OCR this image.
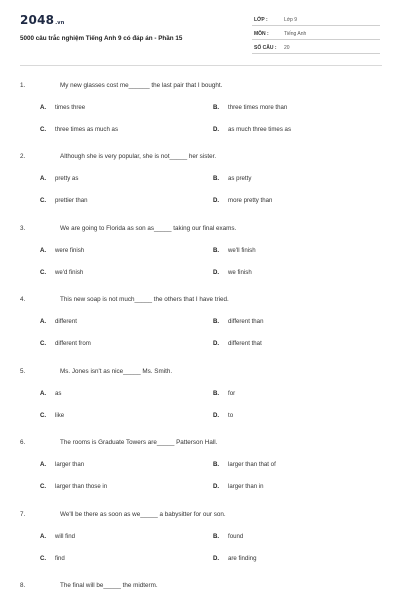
2048.vn
5000 câu trắc nghiệm Tiếng Anh 9 có đáp án - Phần 15
LỚP :	Lớp 9
MÔN :	Tiếng Anh
SỐ CÂU : 20
1.	My new glasses cost me______ the last pair that I bought.
A. times three	B. three times more than
C. three times as much as	D. as much three times as
2.	Although she is very popular, she is not_____ her sister.
A. pretty as	B. as pretty
C. prettier than	D. more pretty than
3.	We are going to Florida as son as_____ taking our final exams.
A. were finish	B. we'll finish
C. we'd finish	D. we finish
4.	This new soap is not much_____ the others that I have tried.
A. different	B. different than
C. different from	D. different that
5.	Ms. Jones isn't as nice_____ Ms. Smith.
A. as	B. for
C. like	D. to
6.	The rooms is Graduate Towers are_____ Patterson Hall.
A. larger than	B. larger than that of
C. larger than those in	D. larger than in
7.	We'll be there as soon as we_____ a babysitter for our son.
A. will find	B. found
C. find	D. are finding
8.	The final will be_____ the midterm.
